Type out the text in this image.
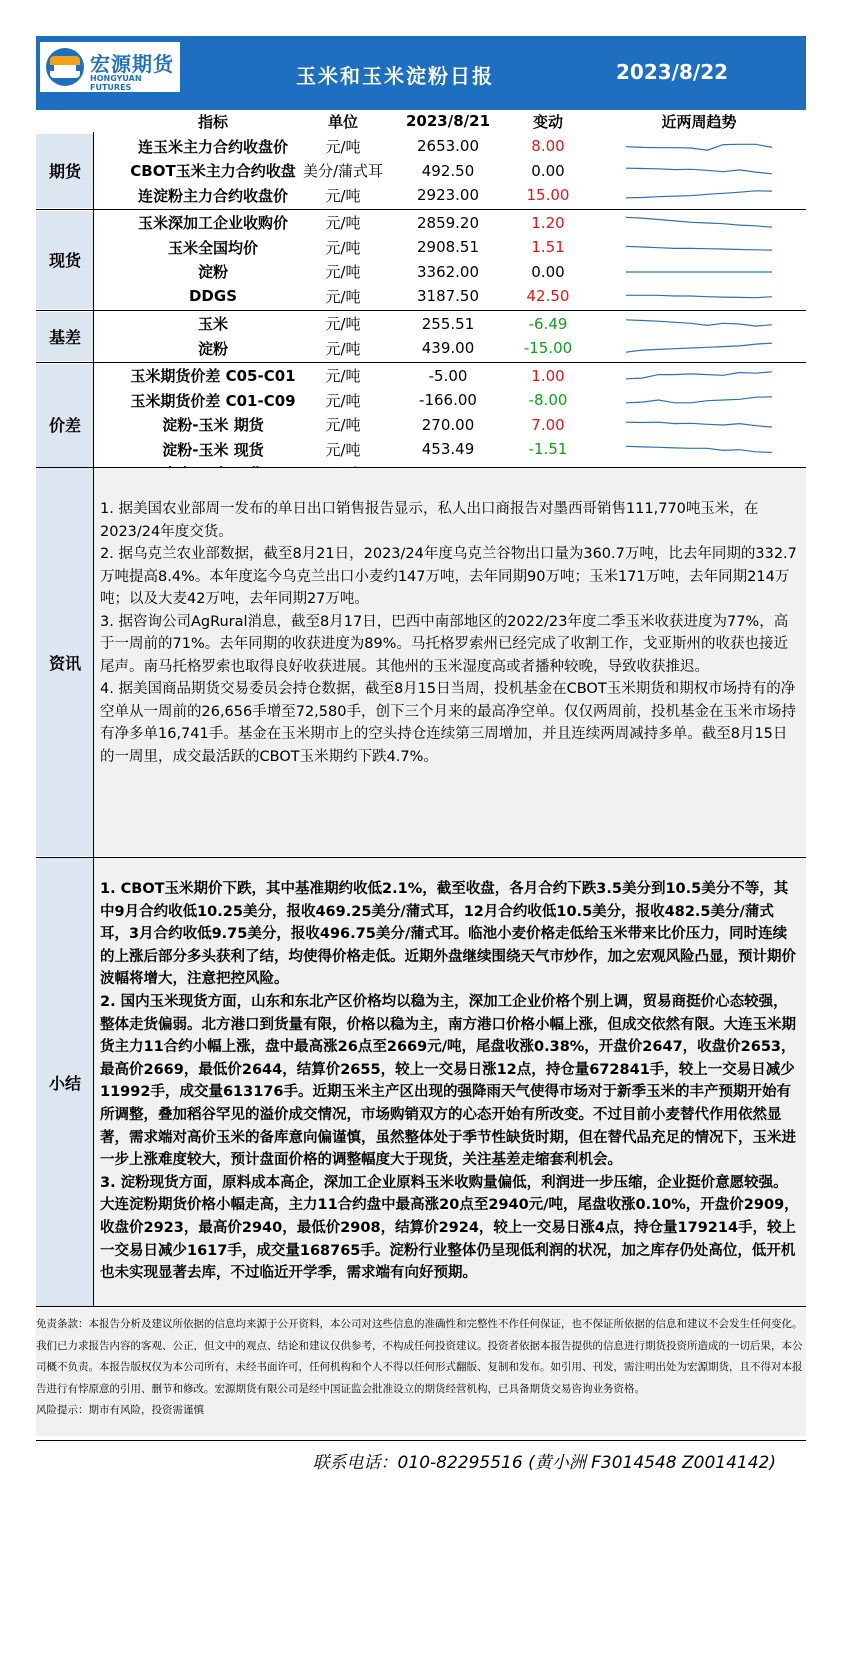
宏源期货
HONGYUAN FUTURES	玉米和玉米淀粉日报	2023/8/22
指标	单位	2023/8/21	变动	近两周趋势
期货
连玉米主力合约收盘价	元/吨	2653.00	8.00
CBOT玉米主力合约收盘 美分/蒲式耳	492.50	0.00
连淀粉主力合约收盘价	元/吨	2923.00	15.00
现货
玉米深加工企业收购价	元/吨	2859.20	1.20
玉米全国均价	元/吨	2908.51	1.51
淀粉	元/吨	3362.00	0.00
DDGS	元/吨	3187.50	42.50
基差
玉米	元/吨	255.51	-6.49
淀粉	元/吨	439.00	-15.00
价差
玉米期货价差 C05-C01	元/吨	-5.00	1.00
玉米期货价差 C01-C09	元/吨	-166.00	-8.00
淀粉-玉米 期货	元/吨	270.00	7.00
淀粉-玉米 现货	元/吨	453.49	-1.51
资讯

1. 据美国农业部周一发布的单日出口销售报告显示，私人出口商报告对墨西哥销售111,770吨玉米，在2023/24年度交货。

2. 据乌克兰农业部数据，截至8月21日，2023/24年度乌克兰谷物出口量为360.7万吨，比去年同期的332.7万吨提高8.4%。本年度迄今乌克兰出口小麦约147万吨，去年同期90万吨；玉米171万吨，去年同期214万吨；以及大麦42万吨，去年同期27万吨。

3. 据咨询公司AgRural消息，截至8月17日，巴西中南部地区的2022/23年度二季玉米收获进度为77%，高于一周前的71%。去年同期的收获进度为89%。马托格罗索州已经完成了收割工作，戈亚斯州的收获也接近尾声。南马托格罗索也取得良好收获进展。其他州的玉米湿度高或者播种较晚，导致收获推迟。

4. 据美国商品期货交易委员会持仓数据，截至8月15日当周，投机基金在CBOT玉米期货和期权市场持有的净空单从一周前的26,656手增至72,580手，创下三个月来的最高净空单。仅仅两周前，投机基金在玉米市场持有净多单16,741手。基金在玉米期市上的空头持仓连续第三周增加，并且连续两周减持多单。截至8月15日的一周里，成交最活跃的CBOT玉米期约下跌4.7%。

小结

1. CBOT玉米期价下跌，其中基准期约收低2.1%，截至收盘，各月合约下跌3.5美分到10.5美分不等，其中9月合约收低10.25美分，报收469.25美分/蒲式耳，12月合约收低10.5美分，报收482.5美分/蒲式耳，3月合约收低9.75美分，报收496.75美分/蒲式耳。临池小麦价格走低给玉米带来比价压力，同时连续的上涨后部分多头获利了结，均使得价格走低。近期外盘继续围绕天气市炒作，加之宏观风险凸显，预计期价波幅将增大，注意把控风险。

2. 国内玉米现货方面，山东和东北产区价格均以稳为主，深加工企业价格个别上调，贸易商挺价心态较强，整体走货偏弱。北方港口到货量有限，价格以稳为主，南方港口价格小幅上涨，但成交依然有限。大连玉米期货主力11合约小幅上涨，盘中最高涨26点至2669元/吨，尾盘收涨0.38%，开盘价2647，收盘价2653，最高价2669，最低价2644，结算价2655，较上一交易日涨12点，持仓量672841手，较上一交易日减少11992手，成交量613176手。近期玉米主产区出现的强降雨天气使得市场对于新季玉米的丰产预期开始有所调整，叠加稻谷罕见的溢价成交情况，市场购销双方的心态开始有所改变。不过目前小麦替代作用依然显著，需求端对高价玉米的备库意向偏谨慎，虽然整体处于季节性缺货时期，但在替代品充足的情况下，玉米进一步上涨难度较大，预计盘面价格的调整幅度大于现货，关注基差走缩套利机会。

3. 淀粉现货方面，原料成本高企，深加工企业原料玉米收购量偏低，利润进一步压缩，企业挺价意愿较强。大连淀粉期货价格小幅走高，主力11合约盘中最高涨20点至2940元/吨，尾盘收涨0.10%，开盘价2909，收盘价2923，最高价2940，最低价2908，结算价2924，较上一交易日涨4点，持仓量179214手，较上一交易日减少1617手，成交量168765手。淀粉行业整体仍呈现低利润的状况，加之库存仍处高位，低开机也未实现显著去库，不过临近开学季，需求端有向好预期。

免责条款：本报告分析及建议所依据的信息均来源于公开资料，本公司对这些信息的准确性和完整性不作任何保证，也不保证所依据的信息和建议不会发生任何变化。我们已力求报告内容的客观、公正，但文中的观点、结论和建议仅供参考，不构成任何投资建议。投资者依据本报告提供的信息进行期货投资所造成的一切后果，本公司概不负责。本报告版权仅为本公司所有，未经书面许可，任何机构和个人不得以任何形式翻版、复制和发布。如引用、刊发，需注明出处为宏源期货，且不得对本报告进行有悖原意的引用、删节和修改。宏源期货有限公司是经中国证监会批准设立的期货经营机构，已具备期货交易咨询业务资格。

风险提示：期市有风险，投资需谨慎

联系电话：010-82295516 (黄小洲 F3014548 Z0014142)
